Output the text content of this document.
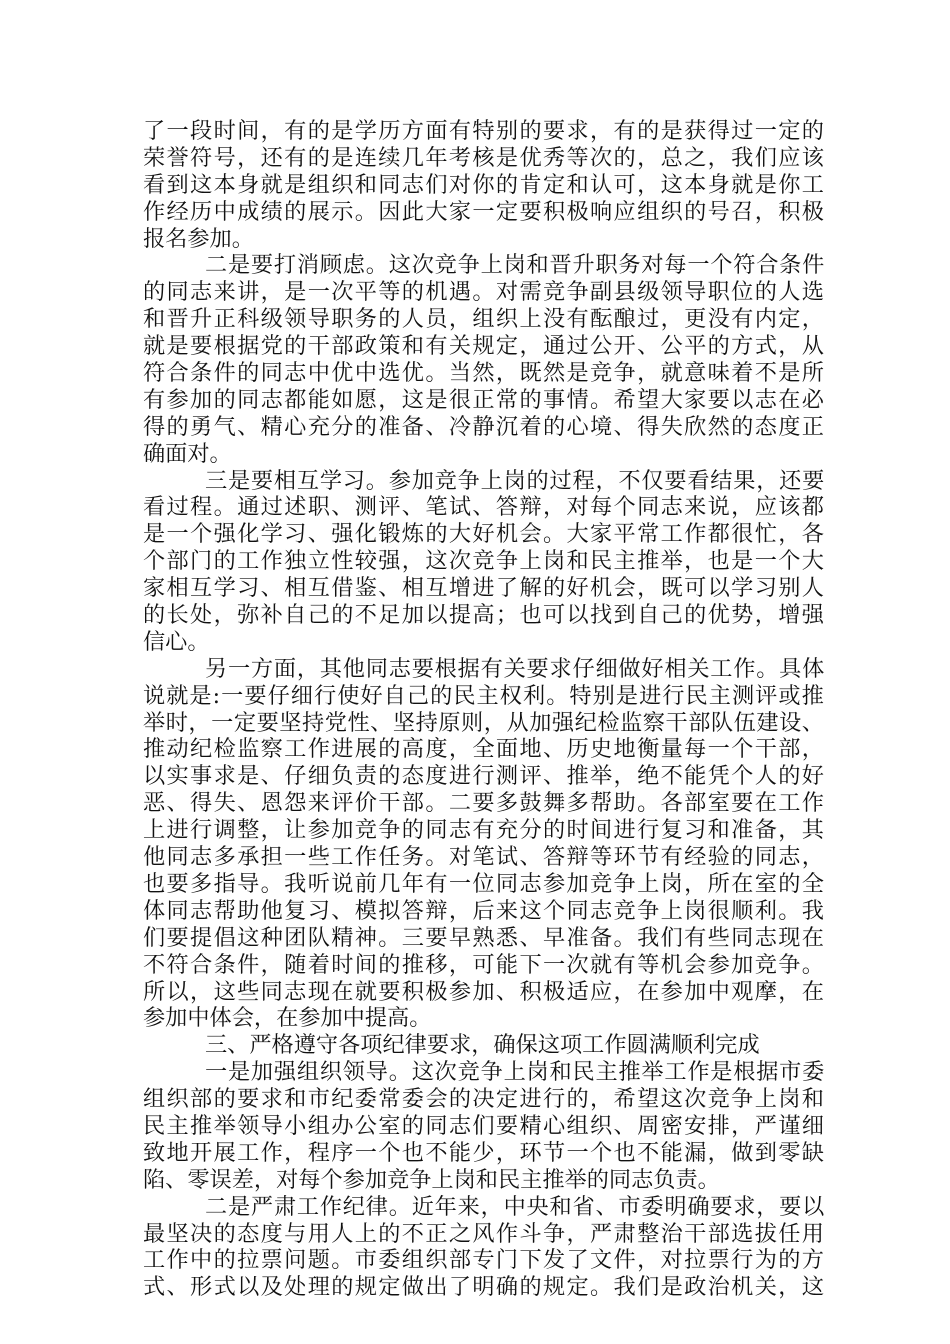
了一段时间，有的是学历方面有特别的要求，有的是获得过一定的
荣誉符号，还有的是连续几年考核是优秀等次的，总之，我们应该
看到这本身就是组织和同志们对你的肯定和认可，这本身就是你工
作经历中成绩的展示。因此大家一定要积极响应组织的号召，积极
报名参加。
二是要打消顾虑。这次竞争上岗和晋升职务对每一个符合条件
的同志来讲，是一次平等的机遇。对需竞争副县级领导职位的人选
和晋升正科级领导职务的人员，组织上没有酝酿过，更没有内定，
就是要根据党的干部政策和有关规定，通过公开、公平的方式，从
符合条件的同志中优中选优。当然，既然是竞争，就意味着不是所
有参加的同志都能如愿，这是很正常的事情。希望大家要以志在必
得的勇气、精心充分的准备、冷静沉着的心境、得失欣然的态度正
确面对。
三是要相互学习。参加竞争上岗的过程，不仅要看结果，还要
看过程。通过述职、测评、笔试、答辩，对每个同志来说，应该都
是一个强化学习、强化锻炼的大好机会。大家平常工作都很忙，各
个部门的工作独立性较强，这次竞争上岗和民主推举，也是一个大
家相互学习、相互借鉴、相互增进了解的好机会，既可以学习别人
的长处，弥补自己的不足加以提高；也可以找到自己的优势，增强
信心。
另一方面，其他同志要根据有关要求仔细做好相关工作。具体
说就是:一要仔细行使好自己的民主权利。特别是进行民主测评或推
举时，一定要坚持党性、坚持原则，从加强纪检监察干部队伍建设、
推动纪检监察工作进展的高度，全面地、历史地衡量每一个干部，
以实事求是、仔细负责的态度进行测评、推举，绝不能凭个人的好
恶、得失、恩怨来评价干部。二要多鼓舞多帮助。各部室要在工作
上进行调整，让参加竞争的同志有充分的时间进行复习和准备，其
他同志多承担一些工作任务。对笔试、答辩等环节有经验的同志，
也要多指导。我听说前几年有一位同志参加竞争上岗，所在室的全
体同志帮助他复习、模拟答辩，后来这个同志竞争上岗很顺利。我
们要提倡这种团队精神。三要早熟悉、早准备。我们有些同志现在
不符合条件，随着时间的推移，可能下一次就有等机会参加竞争。
所以，这些同志现在就要积极参加、积极适应，在参加中观摩，在
参加中体会，在参加中提高。
三、严格遵守各项纪律要求，确保这项工作圆满顺利完成
一是加强组织领导。这次竞争上岗和民主推举工作是根据市委
组织部的要求和市纪委常委会的决定进行的，希望这次竞争上岗和
民主推举领导小组办公室的同志们要精心组织、周密安排，严谨细
致地开展工作，程序一个也不能少，环节一个也不能漏，做到零缺
陷、零误差，对每个参加竞争上岗和民主推举的同志负责。
二是严肃工作纪律。近年来，中央和省、市委明确要求，要以
最坚决的态度与用人上的不正之风作斗争，严肃整治干部选拔任用
工作中的拉票问题。市委组织部专门下发了文件，对拉票行为的方
式、形式以及处理的规定做出了明确的规定。我们是政治机关，这
